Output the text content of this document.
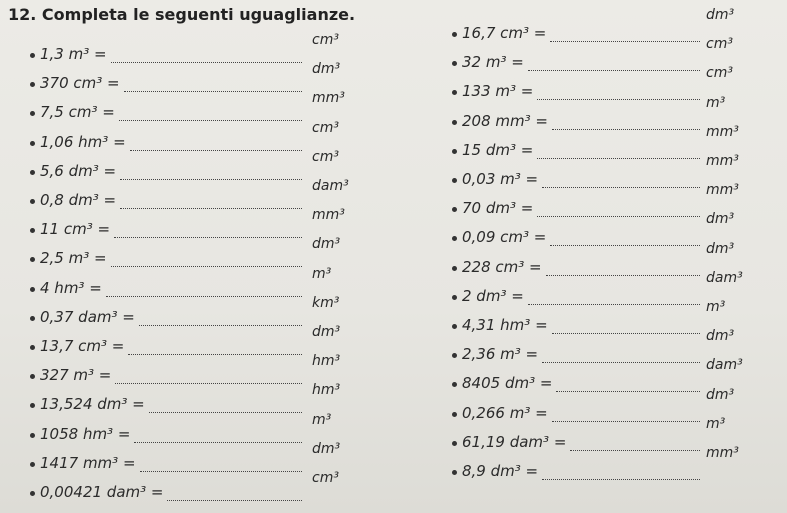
12. Completa le seguenti uguaglianze.
1,3 m³ =
cm³
370 cm³ =
dm³
7,5 cm³ =
mm³
1,06 hm³ =
cm³
5,6 dm³ =
cm³
0,8 dm³ =
dam³
11 cm³ =
mm³
2,5 m³ =
dm³
4 hm³ =
m³
0,37 dam³ =
km³
13,7 cm³ =
dm³
327 m³ =
hm³
13,524 dm³ =
hm³
1058 hm³ =
m³
1417 mm³ =
dm³
0,00421 dam³ =
cm³
16,7 cm³ =
dm³
32 m³ =
cm³
133 m³ =
cm³
208 mm³ =
m³
15 dm³ =
mm³
0,03 m³ =
mm³
70 dm³ =
mm³
0,09 cm³ =
dm³
228 cm³ =
dm³
2 dm³ =
dam³
4,31 hm³ =
m³
2,36 m³ =
dm³
8405 dm³ =
dam³
0,266 m³ =
dm³
61,19 dam³ =
m³
8,9 dm³ =
mm³
